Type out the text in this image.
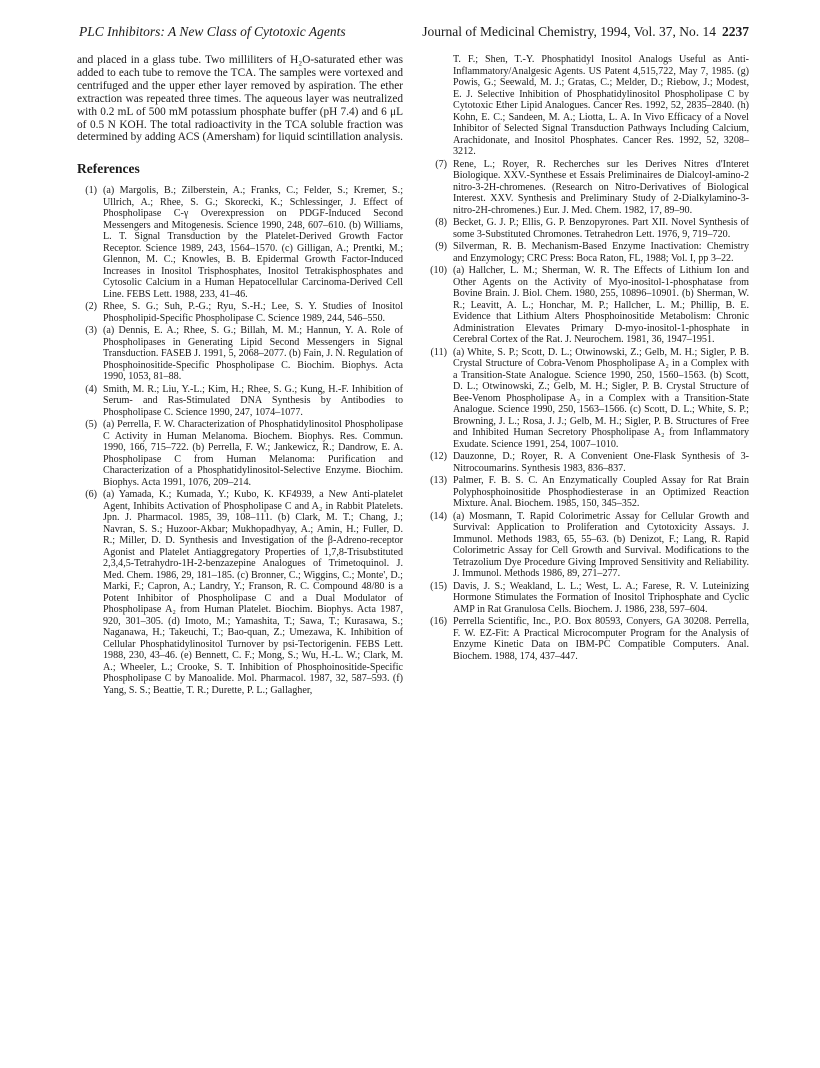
PLC Inhibitors: A New Class of Cytotoxic Agents	Journal of Medicinal Chemistry, 1994, Vol. 37, No. 14 2237

and placed in a glass tube. Two milliliters of H₂O-saturated ether was added to each tube to remove the TCA. The samples were vortexed and centrifuged and the upper ether layer removed by aspiration. The ether extraction was repeated three times. The aqueous layer was neutralized with 0.2 mL of 500 mM potassium phosphate buffer (pH 7.4) and 6 μL of 0.5 N KOH. The total radioactivity in the TCA soluble fraction was determined by adding ACS (Amersham) for liquid scintillation analysis.

References
(1) (a) Margolis, B.; Zilberstein, A.; Franks, C.; Felder, S.; Kremer, S.; Ullrich, A.; Rhee, S. G.; Skorecki, K.; Schlessinger, J. Effect of Phospholipase C-γ Overexpression on PDGF-Induced Second Messengers and Mitogenesis. Science 1990, 248, 607–610. (b) Williams, L. T. Signal Transduction by the Platelet-Derived Growth Factor Receptor. Science 1989, 243, 1564–1570. (c) Gilligan, A.; Prentki, M.; Glennon, M. C.; Knowles, B. B. Epidermal Growth Factor-Induced Increases in Inositol Trisphosphates, Inositol Tetrakisphosphates and Cytosolic Calcium in a Human Hepatocellular Carcinoma-Derived Cell Line. FEBS Lett. 1988, 233, 41–46.
(2) Rhee, S. G.; Suh, P.-G.; Ryu, S.-H.; Lee, S. Y. Studies of Inositol Phospholipid-Specific Phospholipase C. Science 1989, 244, 546–550.
(3) (a) Dennis, E. A.; Rhee, S. G.; Billah, M. M.; Hannun, Y. A. Role of Phospholipases in Generating Lipid Second Messengers in Signal Transduction. FASEB J. 1991, 5, 2068–2077. (b) Fain, J. N. Regulation of Phosphoinositide-Specific Phospholipase C. Biochim. Biophys. Acta 1990, 1053, 81–88.
(4) Smith, M. R.; Liu, Y.-L.; Kim, H.; Rhee, S. G.; Kung, H.-F. Inhibition of Serum- and Ras-Stimulated DNA Synthesis by Antibodies to Phospholipase C. Science 1990, 247, 1074–1077.
(5) (a) Perrella, F. W. Characterization of Phosphatidylinositol Phospholipase C Activity in Human Melanoma. Biochem. Biophys. Res. Commun. 1990, 166, 715–722. (b) Perrella, F. W.; Jankewicz, R.; Dandrow, E. A. Phospholipase C from Human Melanoma: Purification and Characterization of a Phosphatidylinositol-Selective Enzyme. Biochim. Biophys. Acta 1991, 1076, 209–214.
(6) (a) Yamada, K.; Kumada, Y.; Kubo, K. KF4939, a New Anti-platelet Agent, Inhibits Activation of Phospholipase C and A₂ in Rabbit Platelets. Jpn. J. Pharmacol. 1985, 39, 108–111. (b) Clark, M. T.; Chang, J.; Navran, S. S.; Huzoor-Akbar; Mukhopadhyay, A.; Amin, H.; Fuller, D. R.; Miller, D. D. Synthesis and Investigation of the β-Adreno-receptor Agonist and Platelet Antiaggregatory Properties of 1,7,8-Trisubstituted 2,3,4,5-Tetrahydro-1H-2-benzazepine Analogues of Trimetoquinol. J. Med. Chem. 1986, 29, 181–185. (c) Bronner, C.; Wiggins, C.; Monte', D.; Marki, F.; Capron, A.; Landry, Y.; Franson, R. C. Compound 48/80 is a Potent Inhibitor of Phospholipase C and a Dual Modulator of Phospholipase A₂ from Human Platelet. Biochim. Biophys. Acta 1987, 920, 301–305. (d) Imoto, M.; Yamashita, T.; Sawa, T.; Kurasawa, S.; Naganawa, H.; Takeuchi, T.; Bao-quan, Z.; Umezawa, K. Inhibition of Cellular Phosphatidylinositol Turnover by psi-Tectorigenin. FEBS Lett. 1988, 230, 43–46. (e) Bennett, C. F.; Mong, S.; Wu, H.-L. W.; Clark, M. A.; Wheeler, L.; Crooke, S. T. Inhibition of Phosphoinositide-Specific Phospholipase C by Manoalide. Mol. Pharmacol. 1987, 32, 587–593. (f) Yang, S. S.; Beattie, T. R.; Durette, P. L.; Gallagher,
T. F.; Shen, T.-Y. Phosphatidyl Inositol Analogs Useful as Anti-Inflammatory/Analgesic Agents. US Patent 4,515,722, May 7, 1985. (g) Powis, G.; Seewald, M. J.; Gratas, C.; Melder, D.; Riebow, J.; Modest, E. J. Selective Inhibition of Phosphatidylinositol Phospholipase C by Cytotoxic Ether Lipid Analogues. Cancer Res. 1992, 52, 2835–2840. (h) Kohn, E. C.; Sandeen, M. A.; Liotta, L. A. In Vivo Efficacy of a Novel Inhibitor of Selected Signal Transduction Pathways Including Calcium, Arachidonate, and Inositol Phosphates. Cancer Res. 1992, 52, 3208–3212.
(7) Rene, L.; Royer, R. Recherches sur les Derives Nitres d'Interet Biologique. XXV.-Synthese et Essais Preliminaires de Dialcoyl-amino-2 nitro-3-2H-chromenes. (Research on Nitro-Derivatives of Biological Interest. XXV. Synthesis and Preliminary Study of 2-Dialkylamino-3-nitro-2H-chromenes.) Eur. J. Med. Chem. 1982, 17, 89–90.
(8) Becket, G. J. P.; Ellis, G. P. Benzopyrones. Part XII. Novel Synthesis of some 3-Substituted Chromones. Tetrahedron Lett. 1976, 9, 719–720.
(9) Silverman, R. B. Mechanism-Based Enzyme Inactivation: Chemistry and Enzymology; CRC Press: Boca Raton, FL, 1988; Vol. I, pp 3–22.
(10) (a) Hallcher, L. M.; Sherman, W. R. The Effects of Lithium Ion and Other Agents on the Activity of Myo-inositol-1-phosphatase from Bovine Brain. J. Biol. Chem. 1980, 255, 10896–10901. (b) Sherman, W. R.; Leavitt, A. L.; Honchar, M. P.; Hallcher, L. M.; Phillip, B. E. Evidence that Lithium Alters Phosphoinositide Metabolism: Chronic Administration Elevates Primary D-myo-inositol-1-phosphate in Cerebral Cortex of the Rat. J. Neurochem. 1981, 36, 1947–1951.
(11) (a) White, S. P.; Scott, D. L.; Otwinowski, Z.; Gelb, M. H.; Sigler, P. B. Crystal Structure of Cobra-Venom Phospholipase A₂ in a Complex with a Transition-State Analogue. Science 1990, 250, 1560–1563. (b) Scott, D. L.; Otwinowski, Z.; Gelb, M. H.; Sigler, P. B. Crystal Structure of Bee-Venom Phospholipase A₂ in a Complex with a Transition-State Analogue. Science 1990, 250, 1563–1566. (c) Scott, D. L.; White, S. P.; Browning, J. L.; Rosa, J. J.; Gelb, M. H.; Sigler, P. B. Structures of Free and Inhibited Human Secretory Phospholipase A₂ from Inflammatory Exudate. Science 1991, 254, 1007–1010.
(12) Dauzonne, D.; Royer, R. A Convenient One-Flask Synthesis of 3-Nitrocoumarins. Synthesis 1983, 836–837.
(13) Palmer, F. B. S. C. An Enzymatically Coupled Assay for Rat Brain Polyphosphoinositide Phosphodiesterase in an Optimized Reaction Mixture. Anal. Biochem. 1985, 150, 345–352.
(14) (a) Mosmann, T. Rapid Colorimetric Assay for Cellular Growth and Survival: Application to Proliferation and Cytotoxicity Assays. J. Immunol. Methods 1983, 65, 55–63. (b) Denizot, F.; Lang, R. Rapid Colorimetric Assay for Cell Growth and Survival. Modifications to the Tetrazolium Dye Procedure Giving Improved Sensitivity and Reliability. J. Immunol. Methods 1986, 89, 271–277.
(15) Davis, J. S.; Weakland, L. L.; West, L. A.; Farese, R. V. Luteinizing Hormone Stimulates the Formation of Inositol Triphosphate and Cyclic AMP in Rat Granulosa Cells. Biochem. J. 1986, 238, 597–604.
(16) Perrella Scientific, Inc., P.O. Box 80593, Conyers, GA 30208. Perrella, F. W. EZ-Fit: A Practical Microcomputer Program for the Analysis of Enzyme Kinetic Data on IBM-PC Compatible Computers. Anal. Biochem. 1988, 174, 437–447.
